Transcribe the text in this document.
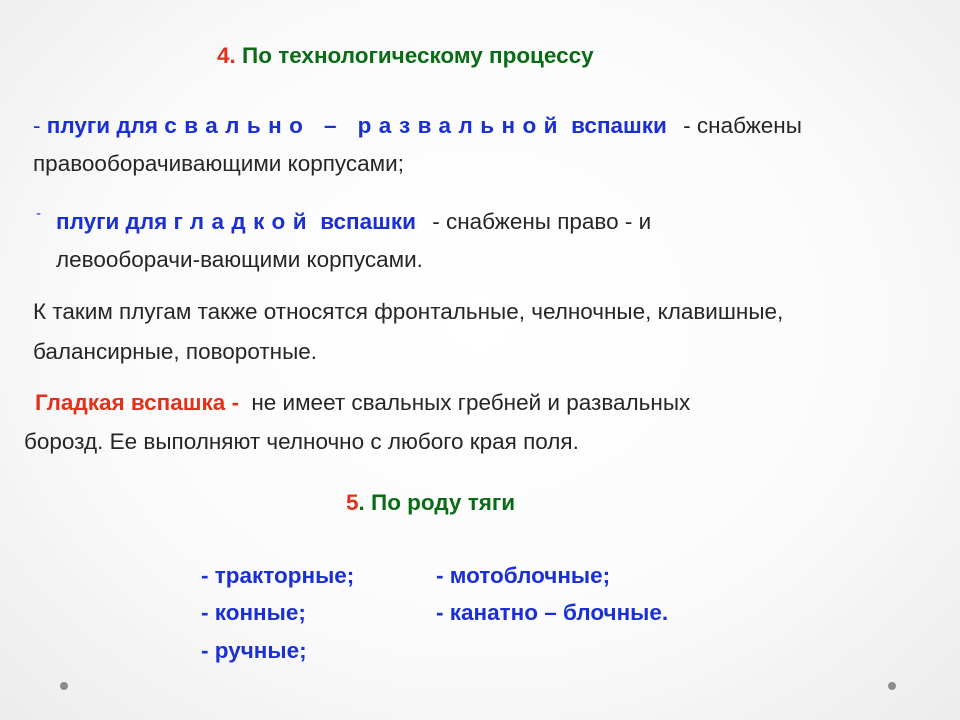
4. По технологическому процессу
- плуги для свально – развальной вспашки - снабжены
правооборачивающими корпусами;
- плуги для гладкой вспашки - снабжены право - и
левооборачи-вающими корпусами.
К таким плугам также относятся фронтальные, челночные, клавишные,
балансирные, поворотные.
Гладкая вспашка - не имеет свальных гребней и развальных
борозд. Ее выполняют челночно с любого края поля.
5. По роду тяги
- тракторные;	- мотоблочные;
- конные;	- канатно – блочные.
- ручные;
